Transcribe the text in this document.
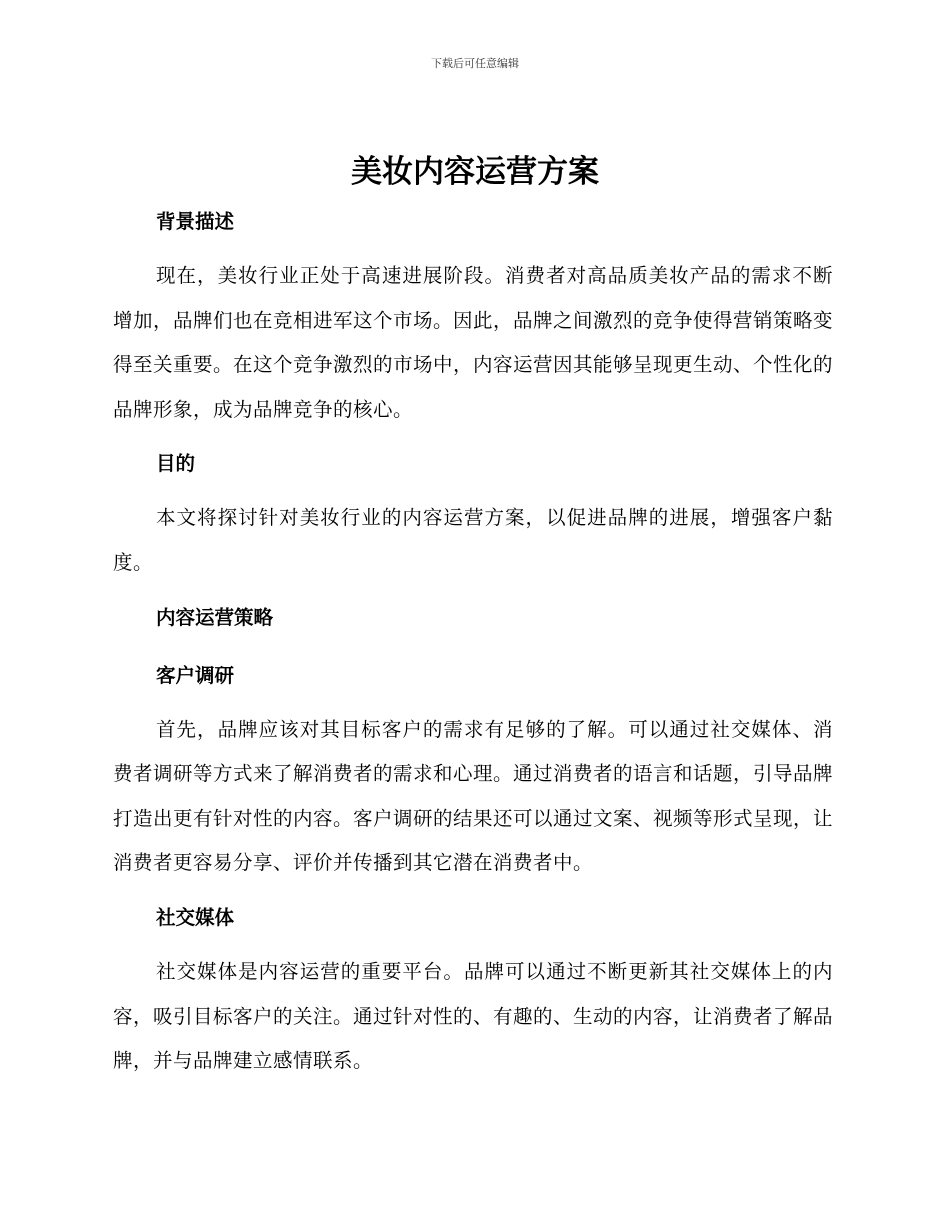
下载后可任意编辑
美妆内容运营方案
背景描述

现在，美妆行业正处于高速进展阶段。消费者对高品质美妆产品的需求不断增加，品牌们也在竞相进军这个市场。因此，品牌之间激烈的竞争使得营销策略变得至关重要。在这个竞争激烈的市场中，内容运营因其能够呈现更生动、个性化的品牌形象，成为品牌竞争的核心。

目的

本文将探讨针对美妆行业的内容运营方案，以促进品牌的进展，增强客户黏度。

内容运营策略
客户调研

首先，品牌应该对其目标客户的需求有足够的了解。可以通过社交媒体、消费者调研等方式来了解消费者的需求和心理。通过消费者的语言和话题，引导品牌打造出更有针对性的内容。客户调研的结果还可以通过文案、视频等形式呈现，让消费者更容易分享、评价并传播到其它潜在消费者中。

社交媒体

社交媒体是内容运营的重要平台。品牌可以通过不断更新其社交媒体上的内容，吸引目标客户的关注。通过针对性的、有趣的、生动的内容，让消费者了解品牌，并与品牌建立感情联系。
